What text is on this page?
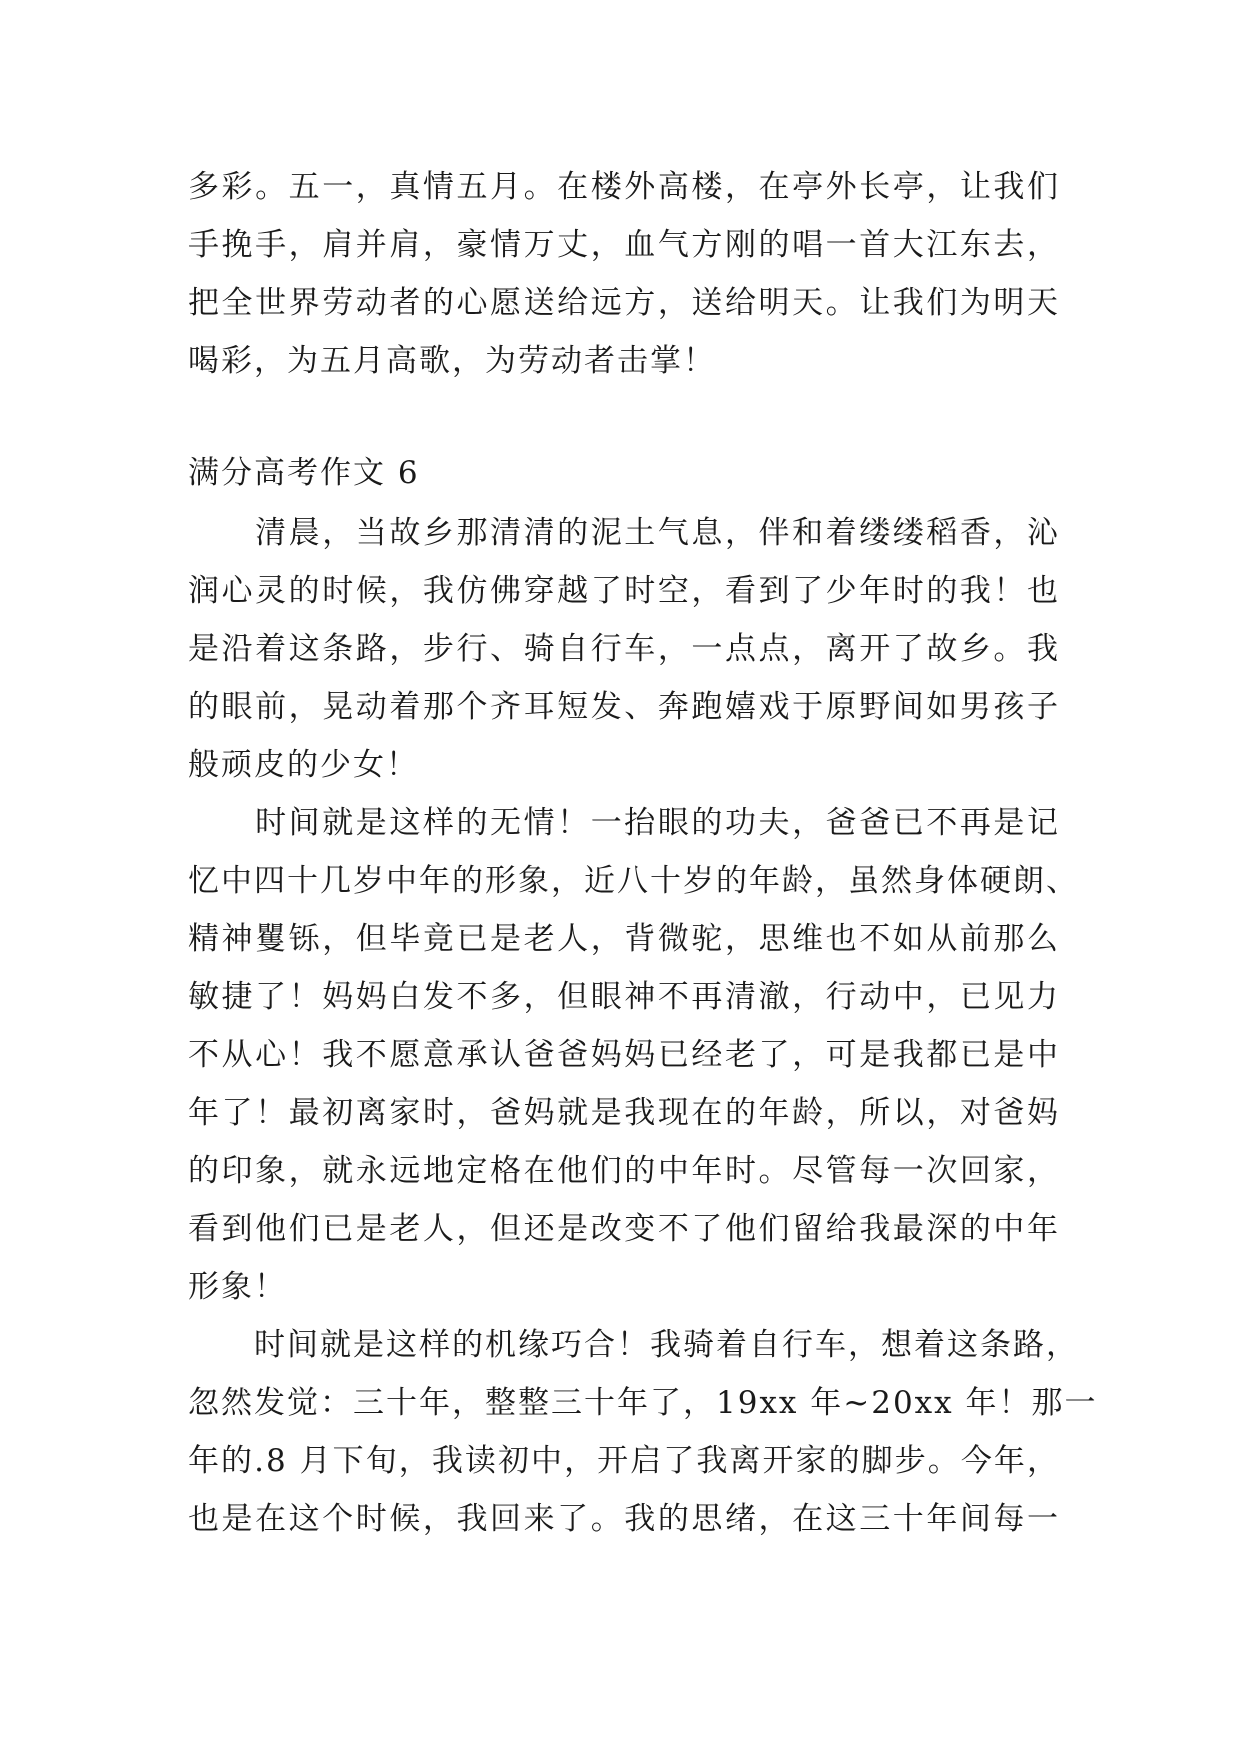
多彩。五一，真情五月。在楼外高楼，在亭外长亭，让我们
手挽手，肩并肩，豪情万丈，血气方刚的唱一首大江东去，
把全世界劳动者的心愿送给远方，送给明天。让我们为明天
喝彩，为五月高歌，为劳动者击掌！
满分高考作文 6
　　清晨，当故乡那清清的泥土气息，伴和着缕缕稻香，沁
润心灵的时候，我仿佛穿越了时空，看到了少年时的我！也
是沿着这条路，步行、骑自行车，一点点，离开了故乡。我
的眼前，晃动着那个齐耳短发、奔跑嬉戏于原野间如男孩子
般顽皮的少女！
　　时间就是这样的无情！一抬眼的功夫，爸爸已不再是记
忆中四十几岁中年的形象，近八十岁的年龄，虽然身体硬朗、
精神矍铄，但毕竟已是老人，背微驼，思维也不如从前那么
敏捷了！妈妈白发不多，但眼神不再清澈，行动中，已见力
不从心！我不愿意承认爸爸妈妈已经老了，可是我都已是中
年了！最初离家时，爸妈就是我现在的年龄，所以，对爸妈
的印象，就永远地定格在他们的中年时。尽管每一次回家，
看到他们已是老人，但还是改变不了他们留给我最深的中年
形象！
　　时间就是这样的机缘巧合！我骑着自行车，想着这条路，
忽然发觉：三十年，整整三十年了，19xx 年~20xx 年！那一
年的.8 月下旬，我读初中，开启了我离开家的脚步。今年，
也是在这个时候，我回来了。我的思绪，在这三十年间每一
